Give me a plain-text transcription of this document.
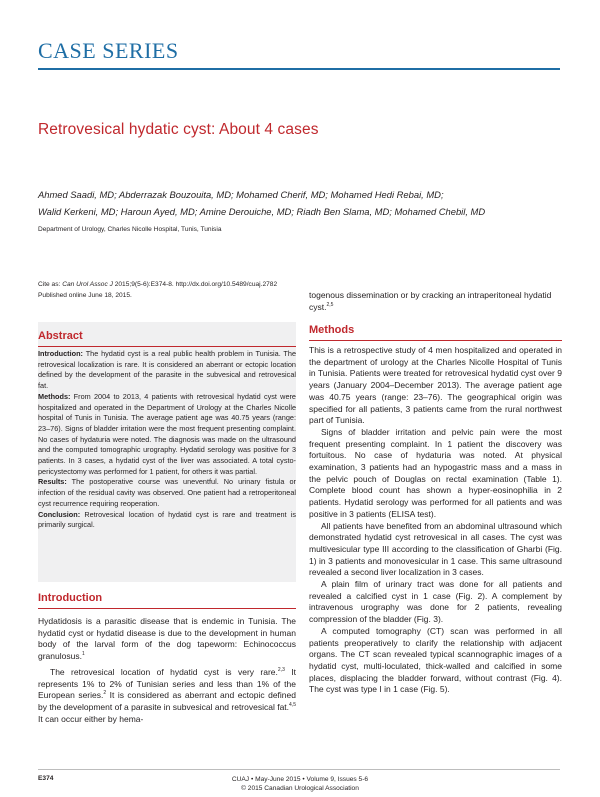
CASE SERIES
Retrovesical hydatic cyst: About 4 cases
Ahmed Saadi, MD; Abderrazak Bouzouita, MD; Mohamed Cherif, MD; Mohamed Hedi Rebai, MD;
Walid Kerkeni, MD; Haroun Ayed, MD; Amine Derouiche, MD; Riadh Ben Slama, MD; Mohamed Chebil, MD
Department of Urology, Charles Nicolle Hospital, Tunis, Tunisia
Cite as: Can Urol Assoc J 2015;9(5-6):E374-8. http://dx.doi.org/10.5489/cuaj.2782
Published online June 18, 2015.
Abstract

Introduction: The hydatid cyst is a real public health problem in Tunisia. The retrovesical localization is rare. It is considered an aberrant or ectopic location defined by the development of the parasite in the subvesical and retrovesical fat.

Methods: From 2004 to 2013, 4 patients with retrovesical hydatid cyst were hospitalized and operated in the Department of Urology at the Charles Nicolle hospital of Tunis in Tunisia. The average patient age was 40.75 years (range: 23–76). Signs of bladder irritation were the most frequent presenting complaint. No cases of hydaturia were noted. The diagnosis was made on the ultrasound and the computed tomographic urography. Hydatid serology was positive for 3 patients. In 3 cases, a hydatid cyst of the liver was associated. A total cysto-pericystectomy was performed for 1 patient, for others it was partial.

Results: The postoperative course was uneventful. No urinary fistula or infection of the residual cavity was observed. One patient had a retroperitoneal cyst recurrence requiring reoperation.

Conclusion: Retrovesical location of hydatid cyst is rare and treatment is primarily surgical.

Introduction

Hydatidosis is a parasitic disease that is endemic in Tunisia. The hydatid cyst or hydatid disease is due to the development in human body of the larval form of the dog tapeworm: Echinococcus granulosus.$^1$

The retrovesical location of hydatid cyst is very rare.$^{2,3}$ It represents 1% to 2% of Tunisian series and less than 1% of the European series.$^2$ It is considered as aberrant and ectopic defined by the development of a parasite in subvesical and retrovesical fat.$^{4,5}$ It can occur either by hema-

togenous dissemination or by cracking an intraperitoneal hydatid cyst.$^{2,5}$
Methods

This is a retrospective study of 4 men hospitalized and operated in the department of urology at the Charles Nicolle Hospital of Tunis in Tunisia. Patients were treated for retrovesical hydatid cyst over 9 years (January 2004–December 2013). The average patient age was 40.75 years (range: 23–76). The geographical origin was specified for all patients, 3 patients came from the rural northwest part of Tunisia.

Signs of bladder irritation and pelvic pain were the most frequent presenting complaint. In 1 patient the discovery was fortuitous. No case of hydaturia was noted. At physical examination, 3 patients had an hypogastric mass and a mass in the pelvic pouch of Douglas on rectal examination (Table 1). Complete blood count has shown a hyper-eosinophilia in 2 patients. Hydatid serology was performed for all patients and was positive in 3 patients (ELISA test).

All patients have benefited from an abdominal ultrasound which demonstrated hydatid cyst retrovesical in all cases. The cyst was multivesicular type III according to the classification of Gharbi (Fig. 1) in 3 patients and monovesicular in 1 case. This same ultrasound revealed a second liver localization in 3 cases.

A plain film of urinary tract was done for all patients and revealed a calcified cyst in 1 case (Fig. 2). A complement by intravenous urography was done for 2 patients, revealing compression of the bladder (Fig. 3).

A computed tomography (CT) scan was performed in all patients preoperatively to clarify the relationship with adjacent organs. The CT scan revealed typical scannographic images of a hydatid cyst, multi-loculated, thick-walled and calcified in some places, displacing the bladder forward, without contrast (Fig. 4). The cyst was type I in 1 case (Fig. 5).

E374	CUAJ • May-June 2015 • Volume 9, Issues 5-6
© 2015 Canadian Urological Association
